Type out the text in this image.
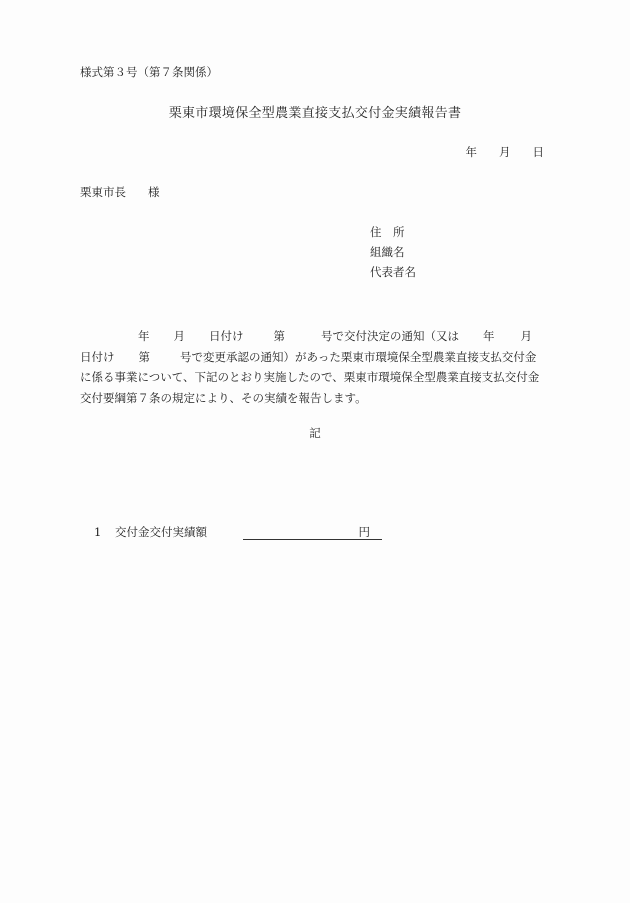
様式第３号（第７条関係）
栗東市環境保全型農業直接支払交付金実績報告書
年 月 日
栗東市長 様
住　所
組織名
代表者名
年 月 日付け	第	号で交付決定の通知（又は 年 月
日付け 第	号で変更承認の通知）があった栗東市環境保全型農業直接支払交付金
に係る事業について、下記のとおり実施したので、栗東市環境保全型農業直接支払交付金
交付要綱第７条の規定により、その実績を報告します。
記
1 交付金交付実績額	円
